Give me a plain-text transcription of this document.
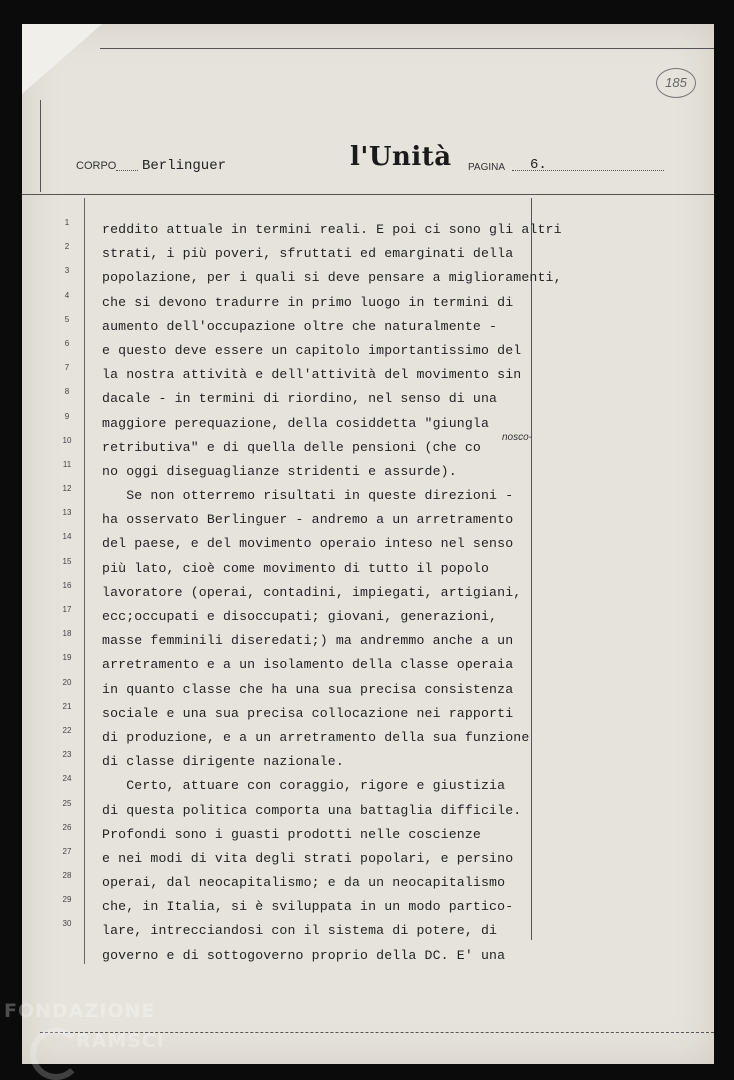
185
CORPO Berlinguer	l'Unità PAGINA 6.
1
2
3
4
5
6
7
8
9
10
11
12
13
14
15
16
17
18
19
20
21
22
23
24
25
26
27
28
29
30
reddito attuale in termini reali. E poi ci sono gli altri
strati, i più poveri, sfruttati ed emarginati della
popolazione, per i quali si deve pensare a miglioramenti,
che si devono tradurre in primo luogo in termini di
aumento dell'occupazione oltre che naturalmente -
e questo deve essere un capitolo importantissimo del
la nostra attività e dell'attività del movimento sin
dacale - in termini di riordino, nel senso di una
maggiore perequazione, della cosiddetta "giungla
retributiva" e di quella delle pensioni (che co
no oggi diseguaglianze stridenti e assurde).
Se non otterremo risultati in queste direzioni -
ha osservato Berlinguer - andremo a un arretramento
del paese, e del movimento operaio inteso nel senso
più lato, cioè come movimento di tutto il popolo
lavoratore (operai, contadini, impiegati, artigiani,
ecc;occupati e disoccupati; giovani, generazioni,
masse femminili diseredati;) ma andremmo anche a un
arretramento e a un isolamento della classe operaia
in quanto classe che ha una sua precisa consistenza
sociale e una sua precisa collocazione nei rapporti
di produzione, e a un arretramento della sua funzione
di classe dirigente nazionale.
Certo, attuare con coraggio, rigore e giustizia
di questa politica comporta una battaglia difficile.
Profondi sono i guasti prodotti nelle coscienze
e nei modi di vita degli strati popolari, e persino
operai, dal neocapitalismo; e da un neocapitalismo
che, in Italia, si è sviluppata in un modo partico-
lare, intrecciandosi con il sistema di potere, di
governo e di sottogoverno proprio della DC. E' una
nosco-
FONDAZIONE
RAMSCI
